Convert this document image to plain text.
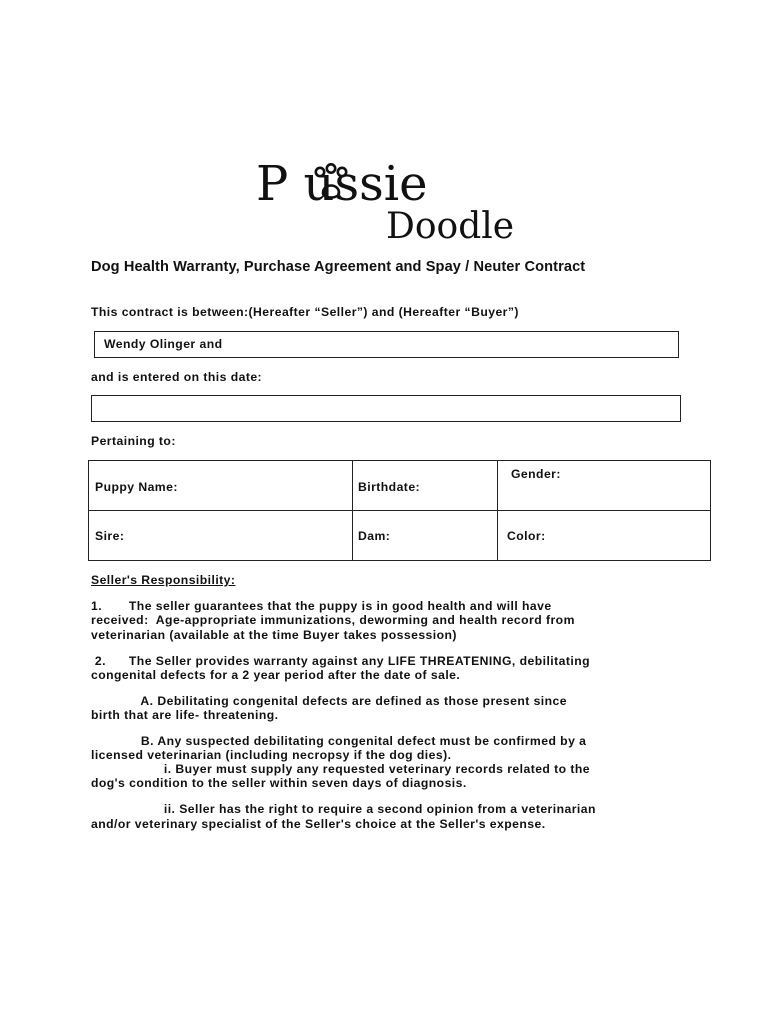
P ussie
Doodle
Dog Health Warranty, Purchase Agreement and Spay / Neuter Contract
This contract is between:(Hereafter “Seller”) and (Hereafter “Buyer”)
Wendy Olinger and
and is entered on this date:
Pertaining to:
Puppy Name:	Birthdate:	Gender:

Sire:	Dam:	Color:
Seller's Responsibility:
1.       The seller guarantees that the puppy is in good health and will have
received:  Age-appropriate immunizations, deworming and health record from
veterinarian (available at the time Buyer takes possession)
2.      The Seller provides warranty against any LIFE THREATENING, debilitating
congenital defects for a 2 year period after the date of sale.
A. Debilitating congenital defects are defined as those present since
birth that are life- threatening.
B. Any suspected debilitating congenital defect must be confirmed by a
licensed veterinarian (including necropsy if the dog dies).
i. Buyer must supply any requested veterinary records related to the
dog's condition to the seller within seven days of diagnosis.
ii. Seller has the right to require a second opinion from a veterinarian
and/or veterinary specialist of the Seller's choice at the Seller's expense.
